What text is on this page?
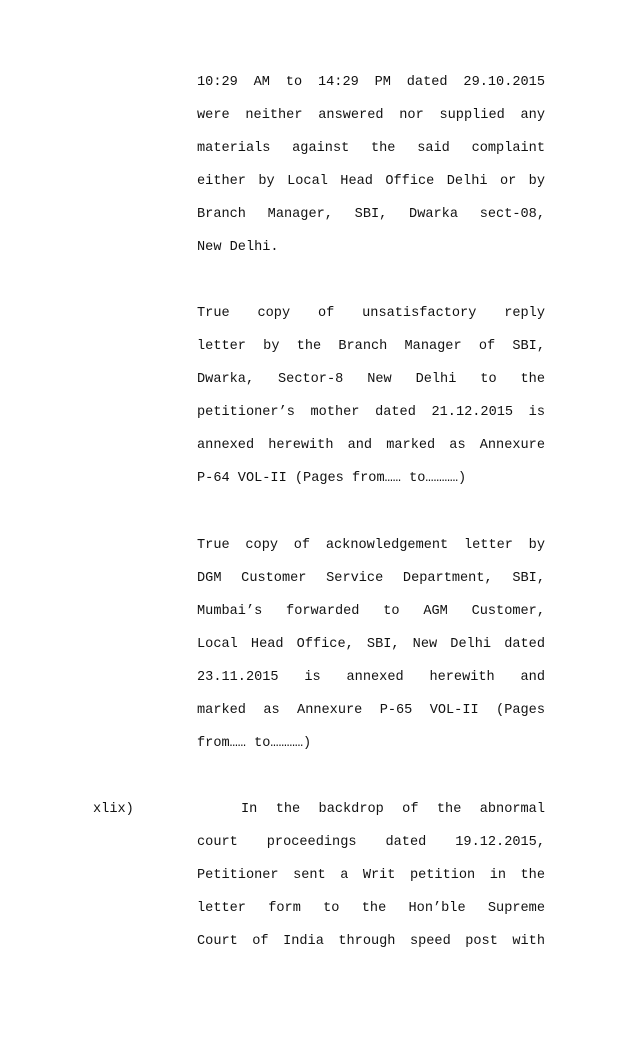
10:29 AM to 14:29 PM dated 29.10.2015
were neither answered nor supplied any
materials against the said complaint
either by Local Head Office Delhi or by
Branch Manager, SBI, Dwarka sect-08,
New Delhi.
True copy of unsatisfactory reply
letter by the Branch Manager of SBI,
Dwarka, Sector-8 New Delhi to the
petitioner’s mother dated 21.12.2015 is
annexed herewith and marked as Annexure
P-64 VOL-II (Pages from…… to…………)
True copy of acknowledgement letter by
DGM Customer Service Department, SBI,
Mumbai’s forwarded to AGM Customer,
Local Head Office, SBI, New Delhi dated
23.11.2015 is annexed herewith and
marked as Annexure P-65 VOL-II (Pages
from…… to…………)
xlix)	In the backdrop of the abnormal
court proceedings dated 19.12.2015,
Petitioner sent a Writ petition in the
letter form to the Hon’ble Supreme
Court of India through speed post with
